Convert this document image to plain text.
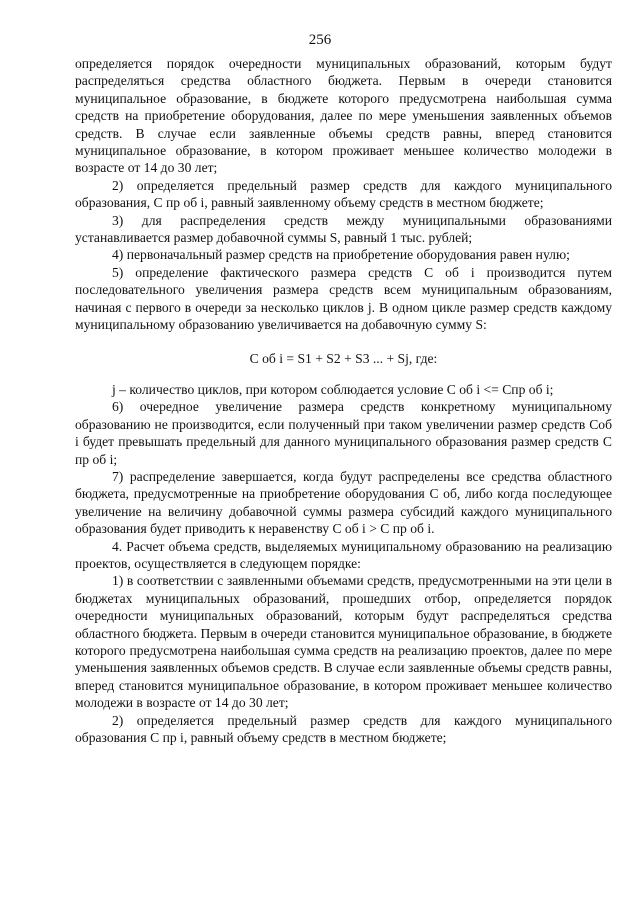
256

определяется порядок очередности муниципальных образований, которым будут распределяться средства областного бюджета. Первым в очереди становится муниципальное образование, в бюджете которого предусмотрена наибольшая сумма средств на приобретение оборудования, далее по мере уменьшения заявленных объемов средств. В случае если заявленные объемы средств равны, вперед становится муниципальное образование, в котором проживает меньшее количество молодежи в возрасте от 14 до 30 лет;

2) определяется предельный размер средств для каждого муниципального образования, С пр об i, равный заявленному объему средств в местном бюджете;

3) для распределения средств между муниципальными образованиями устанавливается размер добавочной суммы S, равный 1 тыс. рублей;

4) первоначальный размер средств на приобретение оборудования равен нулю;

5) определение фактического размера средств С об i производится путем последовательного увеличения размера средств всем муниципальным образованиям, начиная с первого в очереди за несколько циклов j. В одном цикле размер средств каждому муниципальному образованию увеличивается на добавочную сумму S:

С об i = S1 + S2 + S3 ... + Sj, где:

j – количество циклов, при котором соблюдается условие С об i <= Спр об i;

6) очередное увеличение размера средств конкретному муниципальному образованию не производится, если полученный при таком увеличении размер средств Соб i будет превышать предельный для данного муниципального образования размер средств С пр об i;

7) распределение завершается, когда будут распределены все средства областного бюджета, предусмотренные на приобретение оборудования С об, либо когда последующее увеличение на величину добавочной суммы размера субсидий каждого муниципального образования будет приводить к неравенству С об i > С пр об i.

4. Расчет объема средств, выделяемых муниципальному образованию на реализацию проектов, осуществляется в следующем порядке:

1) в соответствии с заявленными объемами средств, предусмотренными на эти цели в бюджетах муниципальных образований, прошедших отбор, определяется порядок очередности муниципальных образований, которым будут распределяться средства областного бюджета. Первым в очереди становится муниципальное образование, в бюджете которого предусмотрена наибольшая сумма средств на реализацию проектов, далее по мере уменьшения заявленных объемов средств. В случае если заявленные объемы средств равны, вперед становится муниципальное образование, в котором проживает меньшее количество молодежи в возрасте от 14 до 30 лет;

2) определяется предельный размер средств для каждого муниципального образования С пр i, равный объему средств в местном бюджете;
